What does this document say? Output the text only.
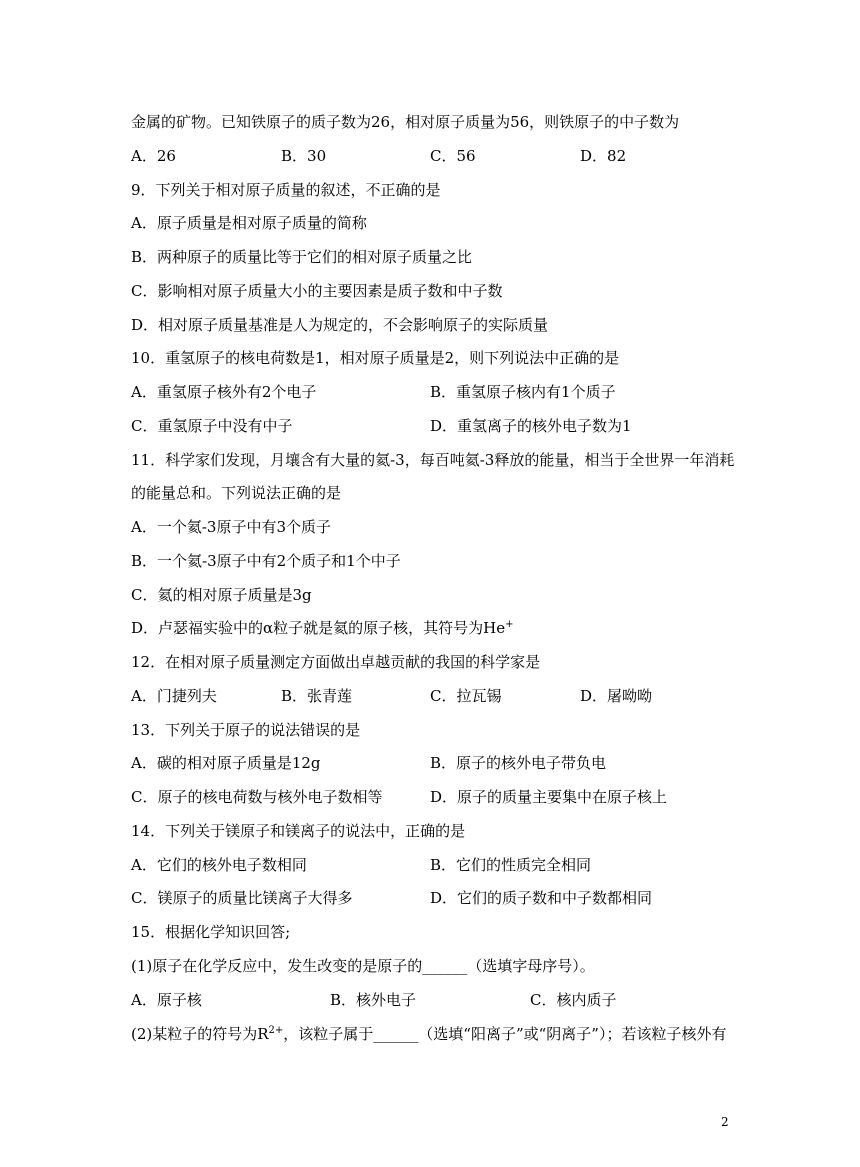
金属的矿物。已知铁原子的质子数为26，相对原子质量为56，则铁原子的中子数为
A．26	B．30	C．56	D．82
9．下列关于相对原子质量的叙述，不正确的是
A．原子质量是相对原子质量的简称
B．两种原子的质量比等于它们的相对原子质量之比
C．影响相对原子质量大小的主要因素是质子数和中子数
D．相对原子质量基准是人为规定的，不会影响原子的实际质量
10．重氢原子的核电荷数是1，相对原子质量是2，则下列说法中正确的是
A．重氢原子核外有2个电子	B．重氢原子核内有1个质子
C．重氢原子中没有中子	D．重氢离子的核外电子数为1
11．科学家们发现，月壤含有大量的氦-3，每百吨氦-3释放的能量，相当于全世界一年消耗
的能量总和。下列说法正确的是
A．一个氦-3原子中有3个质子
B．一个氦-3原子中有2个质子和1个中子
C．氦的相对原子质量是3g
D．卢瑟福实验中的α粒子就是氦的原子核，其符号为He+
12．在相对原子质量测定方面做出卓越贡献的我国的科学家是
A．门捷列夫	B．张青莲	C．拉瓦锡	D．屠呦呦
13．下列关于原子的说法错误的是
A．碳的相对原子质量是12g	B．原子的核外电子带负电
C．原子的核电荷数与核外电子数相等	D．原子的质量主要集中在原子核上
14．下列关于镁原子和镁离子的说法中，正确的是
A．它们的核外电子数相同	B．它们的性质完全相同
C．镁原子的质量比镁离子大得多	D．它们的质子数和中子数都相同
15．根据化学知识回答;
(1)原子在化学反应中，发生改变的是原子的______（选填字母序号）。
A．原子核	B．核外电子	C．核内质子
(2)某粒子的符号为$R^{2+}$，该粒子属于______（选填“阳离子”或“阴离子”）；若该粒子核外有
2
